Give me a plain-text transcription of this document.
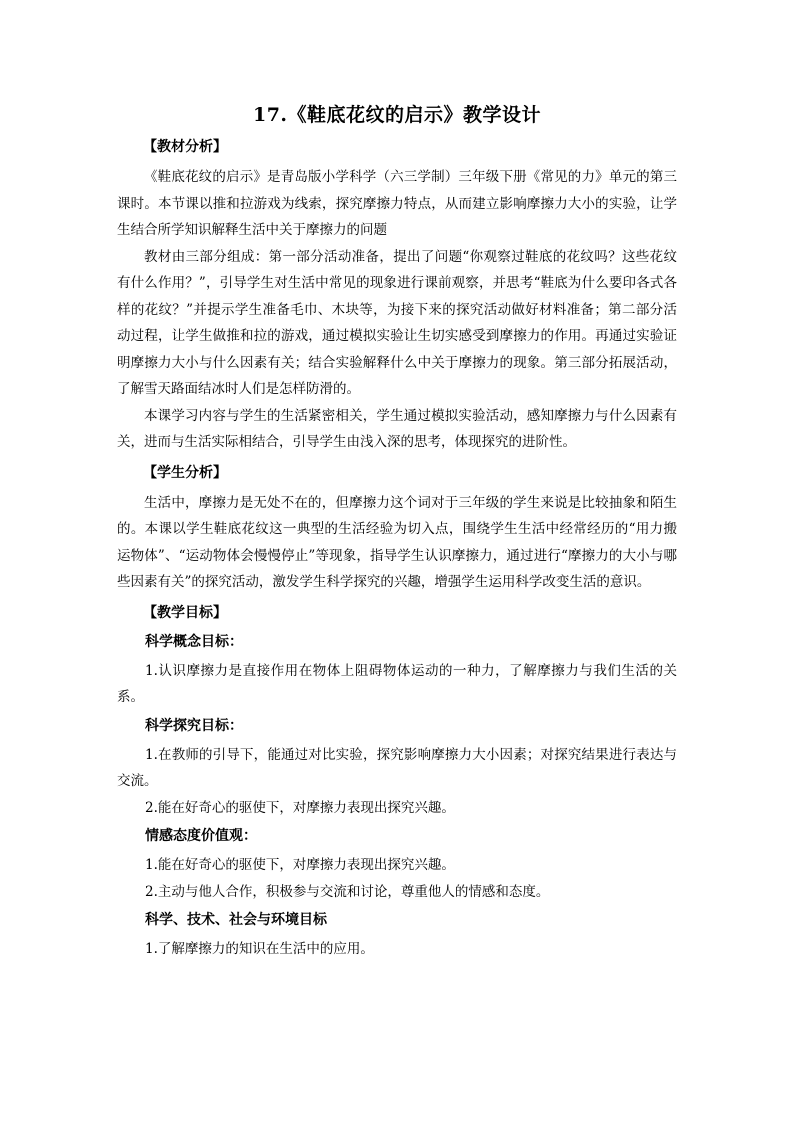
17.《鞋底花纹的启示》教学设计
【教材分析】

《鞋底花纹的启示》是青岛版小学科学（六三学制）三年级下册《常见的力》单元的第三课时。本节课以推和拉游戏为线索，探究摩擦力特点，从而建立影响摩擦力大小的实验，让学生结合所学知识解释生活中关于摩擦力的问题

教材由三部分组成：第一部分活动准备，提出了问题“你观察过鞋底的花纹吗？这些花纹有什么作用？”，引导学生对生活中常见的现象进行课前观察，并思考“鞋底为什么要印各式各样的花纹？”并提示学生准备毛巾、木块等，为接下来的探究活动做好材料准备；第二部分活动过程，让学生做推和拉的游戏，通过模拟实验让生切实感受到摩擦力的作用。再通过实验证明摩擦力大小与什么因素有关；结合实验解释什么中关于摩擦力的现象。第三部分拓展活动，了解雪天路面结冰时人们是怎样防滑的。

本课学习内容与学生的生活紧密相关，学生通过模拟实验活动，感知摩擦力与什么因素有关，进而与生活实际相结合，引导学生由浅入深的思考，体现探究的进阶性。

【学生分析】

生活中，摩擦力是无处不在的，但摩擦力这个词对于三年级的学生来说是比较抽象和陌生的。本课以学生鞋底花纹这一典型的生活经验为切入点，围绕学生生活中经常经历的“用力搬运物体”、“运动物体会慢慢停止”等现象，指导学生认识摩擦力，通过进行“摩擦力的大小与哪些因素有关”的探究活动，激发学生科学探究的兴趣，增强学生运用科学改变生活的意识。

【教学目标】
科学概念目标：

1.认识摩擦力是直接作用在物体上阻碍物体运动的一种力，了解摩擦力与我们生活的关系。

科学探究目标：

1.在教师的引导下，能通过对比实验，探究影响摩擦力大小因素；对探究结果进行表达与交流。

2.能在好奇心的驱使下，对摩擦力表现出探究兴趣。

情感态度价值观：

1.能在好奇心的驱使下，对摩擦力表现出探究兴趣。

2.主动与他人合作，积极参与交流和讨论，尊重他人的情感和态度。

科学、技术、社会与环境目标

1.了解摩擦力的知识在生活中的应用。
